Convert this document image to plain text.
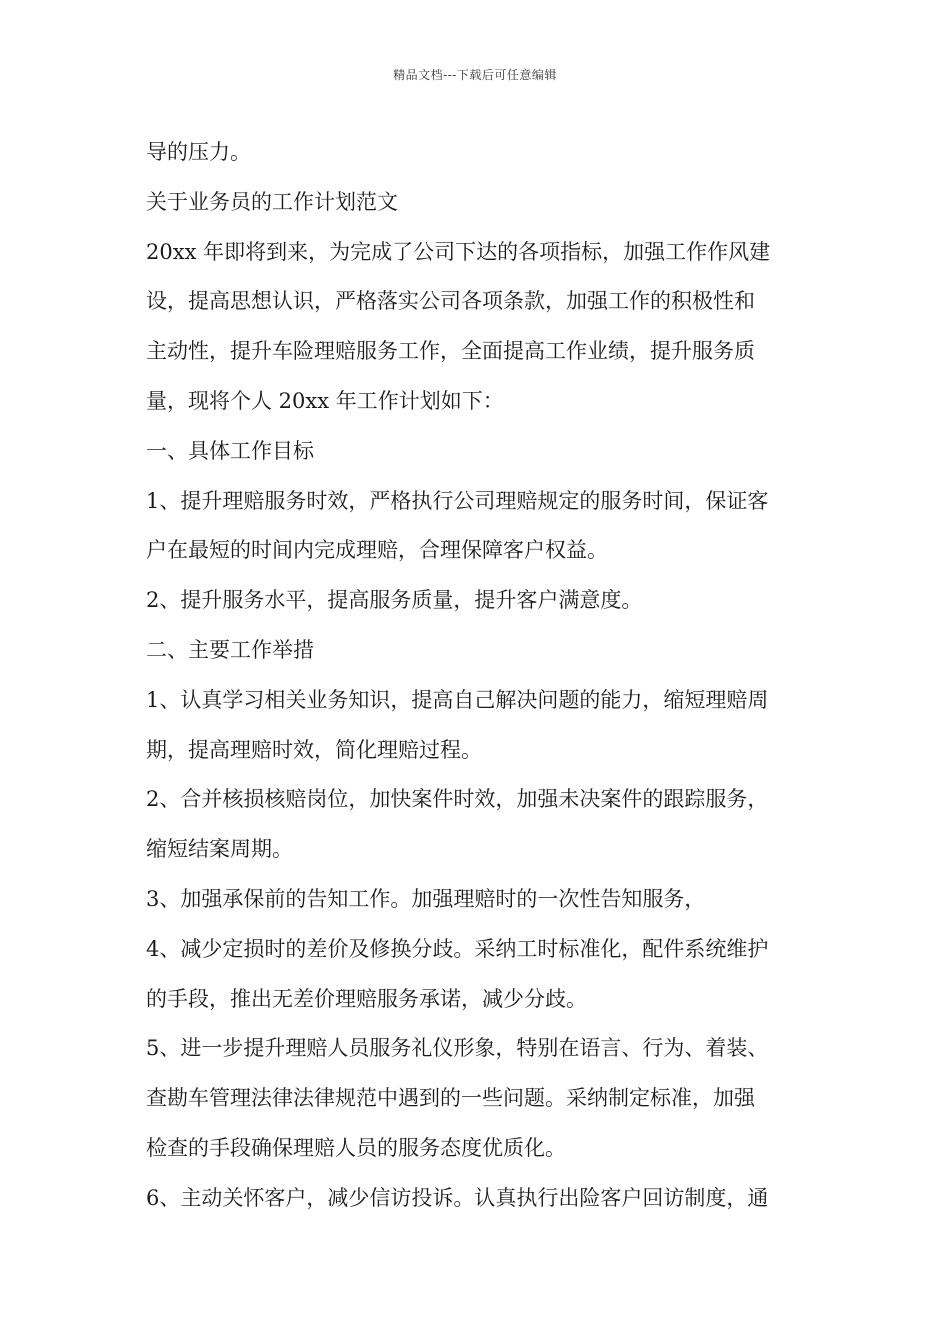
精品文档---下载后可任意编辑
导的压力。
关于业务员的工作计划范文
20xx 年即将到来，为完成了公司下达的各项指标，加强工作作风建
设，提高思想认识，严格落实公司各项条款，加强工作的积极性和
主动性，提升车险理赔服务工作，全面提高工作业绩，提升服务质
量，现将个人 20xx 年工作计划如下：
一、具体工作目标
1、提升理赔服务时效，严格执行公司理赔规定的服务时间，保证客
户在最短的时间内完成理赔，合理保障客户权益。
2、提升服务水平，提高服务质量，提升客户满意度。
二、主要工作举措
1、认真学习相关业务知识，提高自己解决问题的能力，缩短理赔周
期，提高理赔时效，简化理赔过程。
2、合并核损核赔岗位，加快案件时效，加强未决案件的跟踪服务，
缩短结案周期。
3、加强承保前的告知工作。加强理赔时的一次性告知服务，
4、减少定损时的差价及修换分歧。采纳工时标准化，配件系统维护
的手段，推出无差价理赔服务承诺，减少分歧。
5、进一步提升理赔人员服务礼仪形象，特别在语言、行为、着装、
查勘车管理法律法律规范中遇到的一些问题。采纳制定标准，加强
检查的手段确保理赔人员的服务态度优质化。
6、主动关怀客户，减少信访投诉。认真执行出险客户回访制度，通
